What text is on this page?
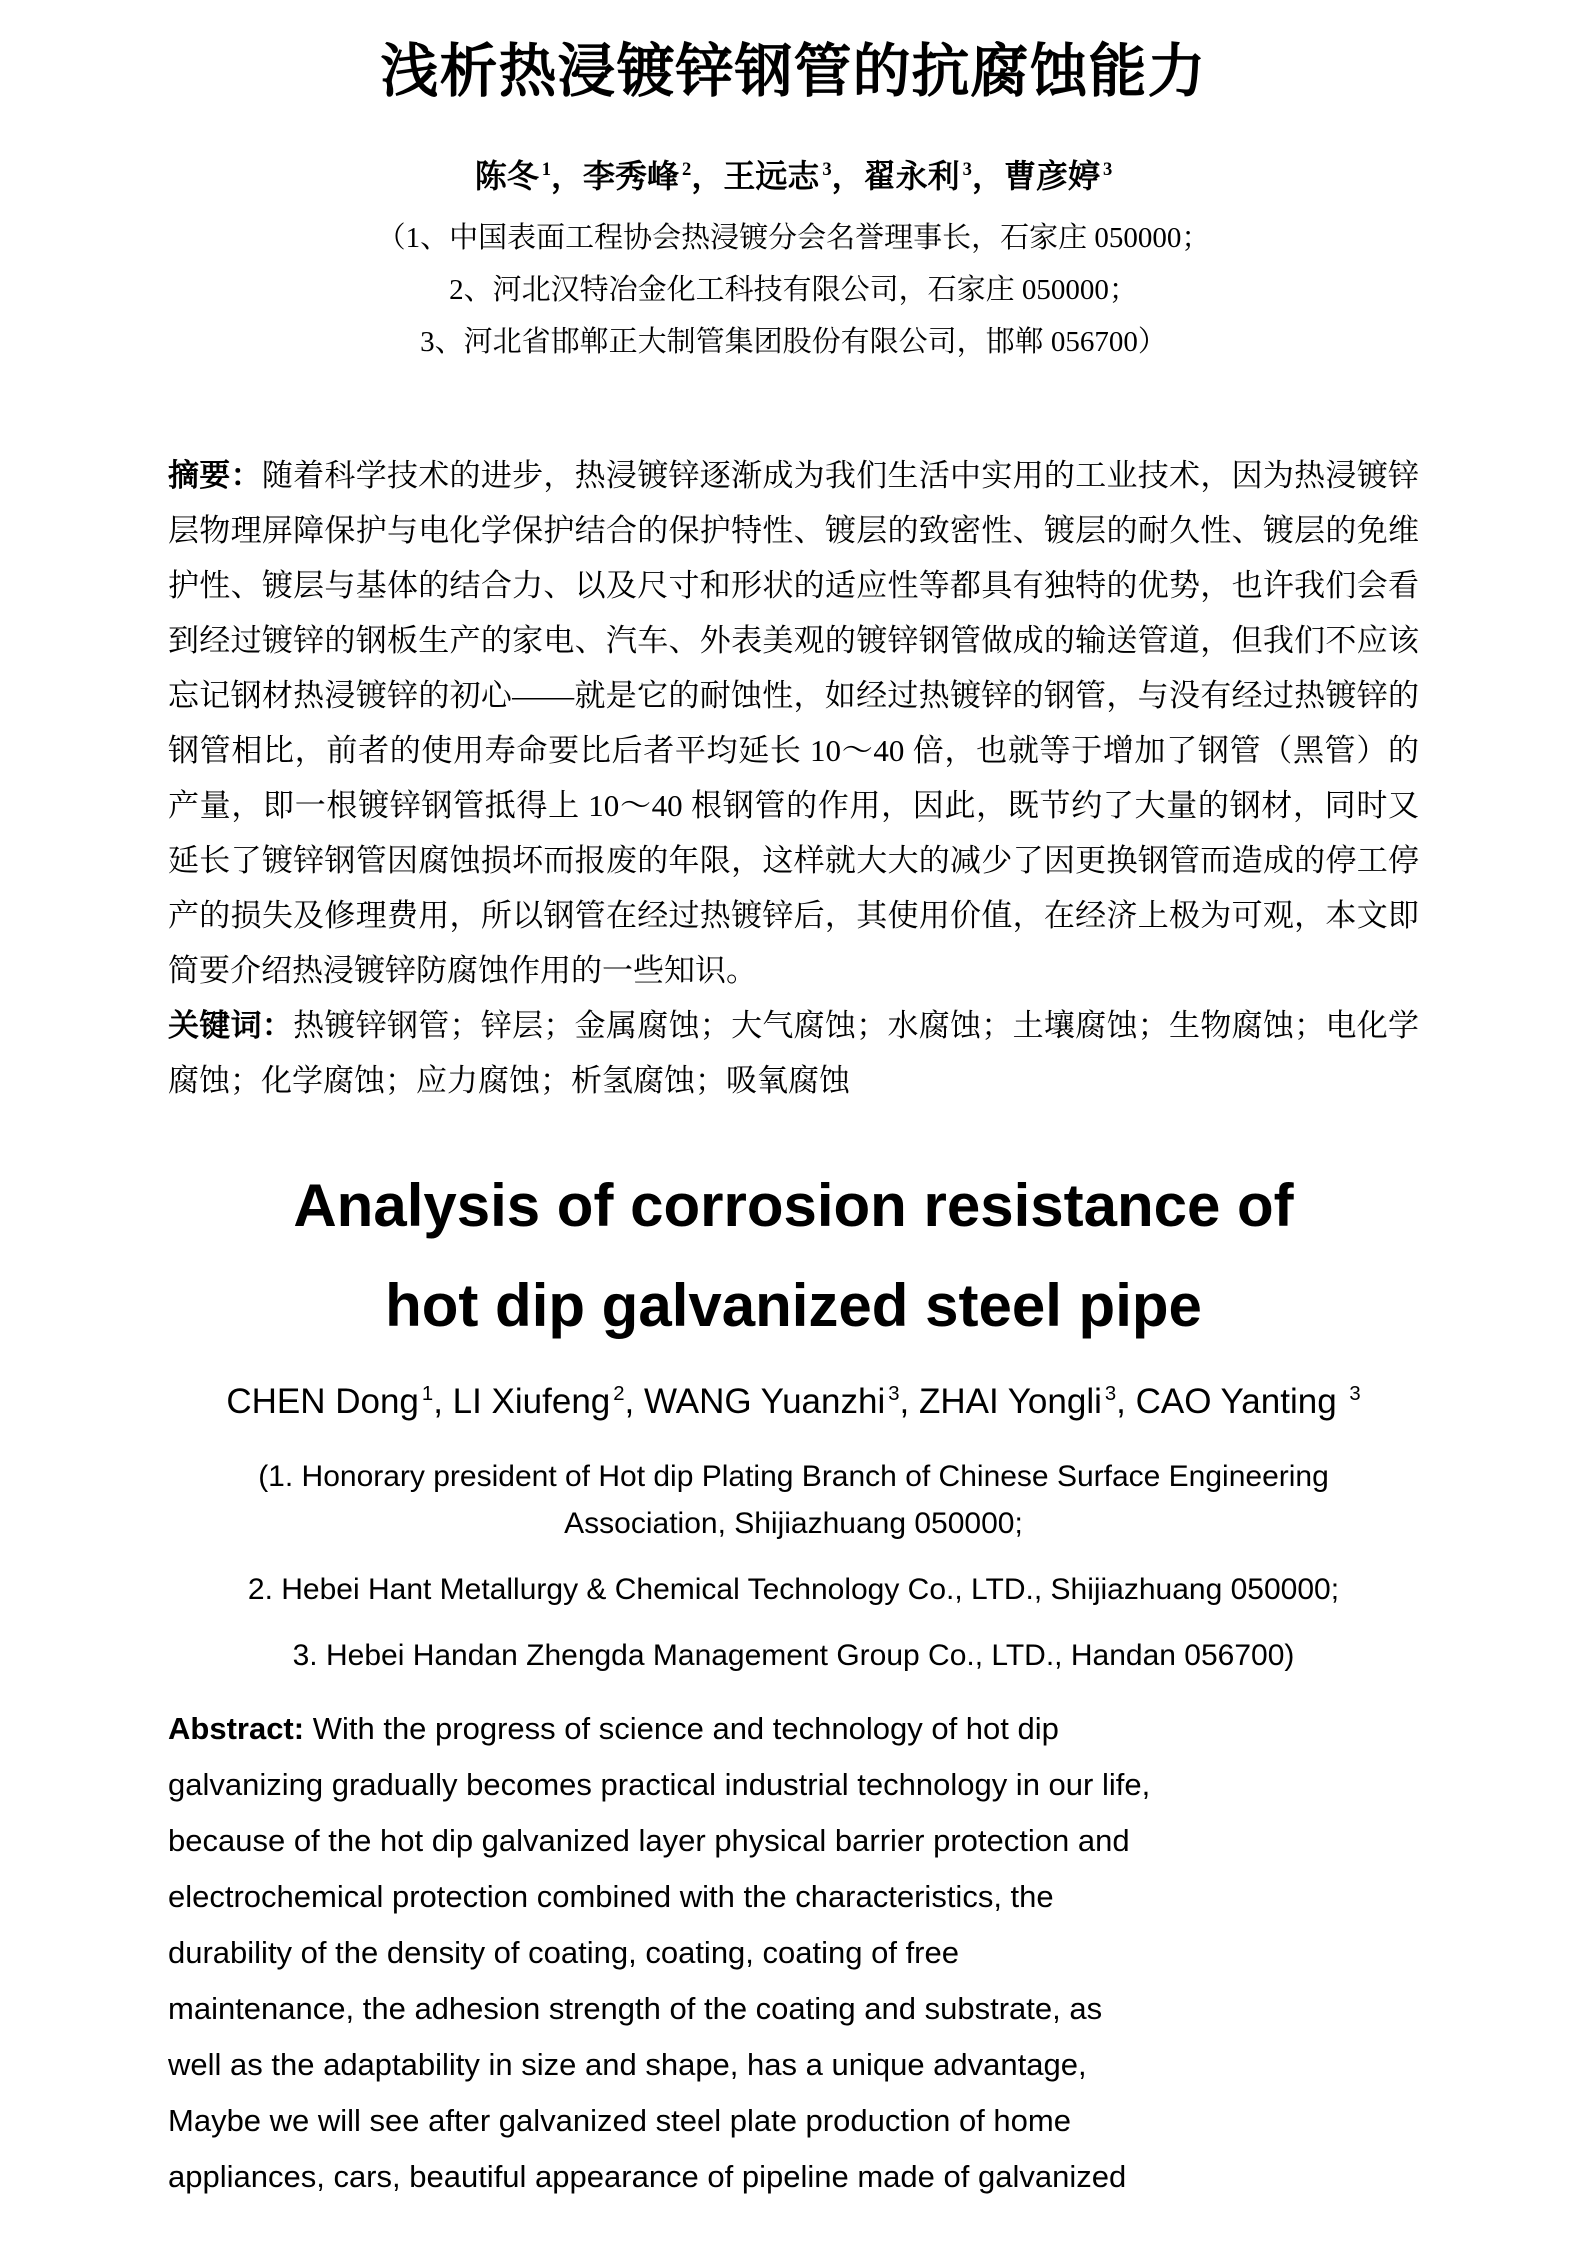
浅析热浸镀锌钢管的抗腐蚀能力
陈冬 $^1$，李秀峰 $^2$，王远志 $^3$，翟永利 $^3$，曹彦婷 $^3$
（1、中国表面工程协会热浸镀分会名誉理事长，石家庄 050000；
2、河北汉特冶金化工科技有限公司，石家庄 050000；
3、河北省邯郸正大制管集团股份有限公司，邯郸 056700）

摘要：随着科学技术的进步，热浸镀锌逐渐成为我们生活中实用的工业技术，因为热浸镀锌层物理屏障保护与电化学保护结合的保护特性、镀层的致密性、镀层的耐久性、镀层的免维护性、镀层与基体的结合力、以及尺寸和形状的适应性等都具有独特的优势，也许我们会看到经过镀锌的钢板生产的家电、汽车、外表美观的镀锌钢管做成的输送管道，但我们不应该忘记钢材热浸镀锌的初心——就是它的耐蚀性，如经过热镀锌的钢管，与没有经过热镀锌的钢管相比，前者的使用寿命要比后者平均延长 10～40 倍，也就等于增加了钢管（黑管）的产量，即一根镀锌钢管抵得上 10～40 根钢管的作用，因此，既节约了大量的钢材，同时又延长了镀锌钢管因腐蚀损坏而报废的年限，这样就大大的减少了因更换钢管而造成的停工停产的损失及修理费用，所以钢管在经过热镀锌后，其使用价值，在经济上极为可观，本文即简要介绍热浸镀锌防腐蚀作用的一些知识。

关键词：热镀锌钢管；锌层；金属腐蚀；大气腐蚀；水腐蚀；土壤腐蚀；生物腐蚀；电化学腐蚀；化学腐蚀；应力腐蚀；析氢腐蚀；吸氧腐蚀

Analysis of corrosion resistance of
hot dip galvanized steel pipe
CHEN Dong $^1$, LI Xiufeng $^2$, WANG Yuanzhi $^3$, ZHAI Yongli $^3$, CAO Yanting $^3$
(1. Honorary president of Hot dip Plating Branch of Chinese Surface Engineering Association, Shijiazhuang 050000;
2. Hebei Hant Metallurgy & Chemical Technology Co., LTD., Shijiazhuang 050000;
3. Hebei Handan Zhengda Management Group Co., LTD., Handan 056700)
Abstract: With the progress of science and technology of hot dip
galvanizing gradually becomes practical industrial technology in our life,
because of the hot dip galvanized layer physical barrier protection and
electrochemical protection combined with the characteristics, the
durability of the density of coating, coating, coating of free
maintenance, the adhesion strength of the coating and substrate, as
well as the adaptability in size and shape, has a unique advantage,
Maybe we will see after galvanized steel plate production of home
appliances, cars, beautiful appearance of pipeline made of galvanized
